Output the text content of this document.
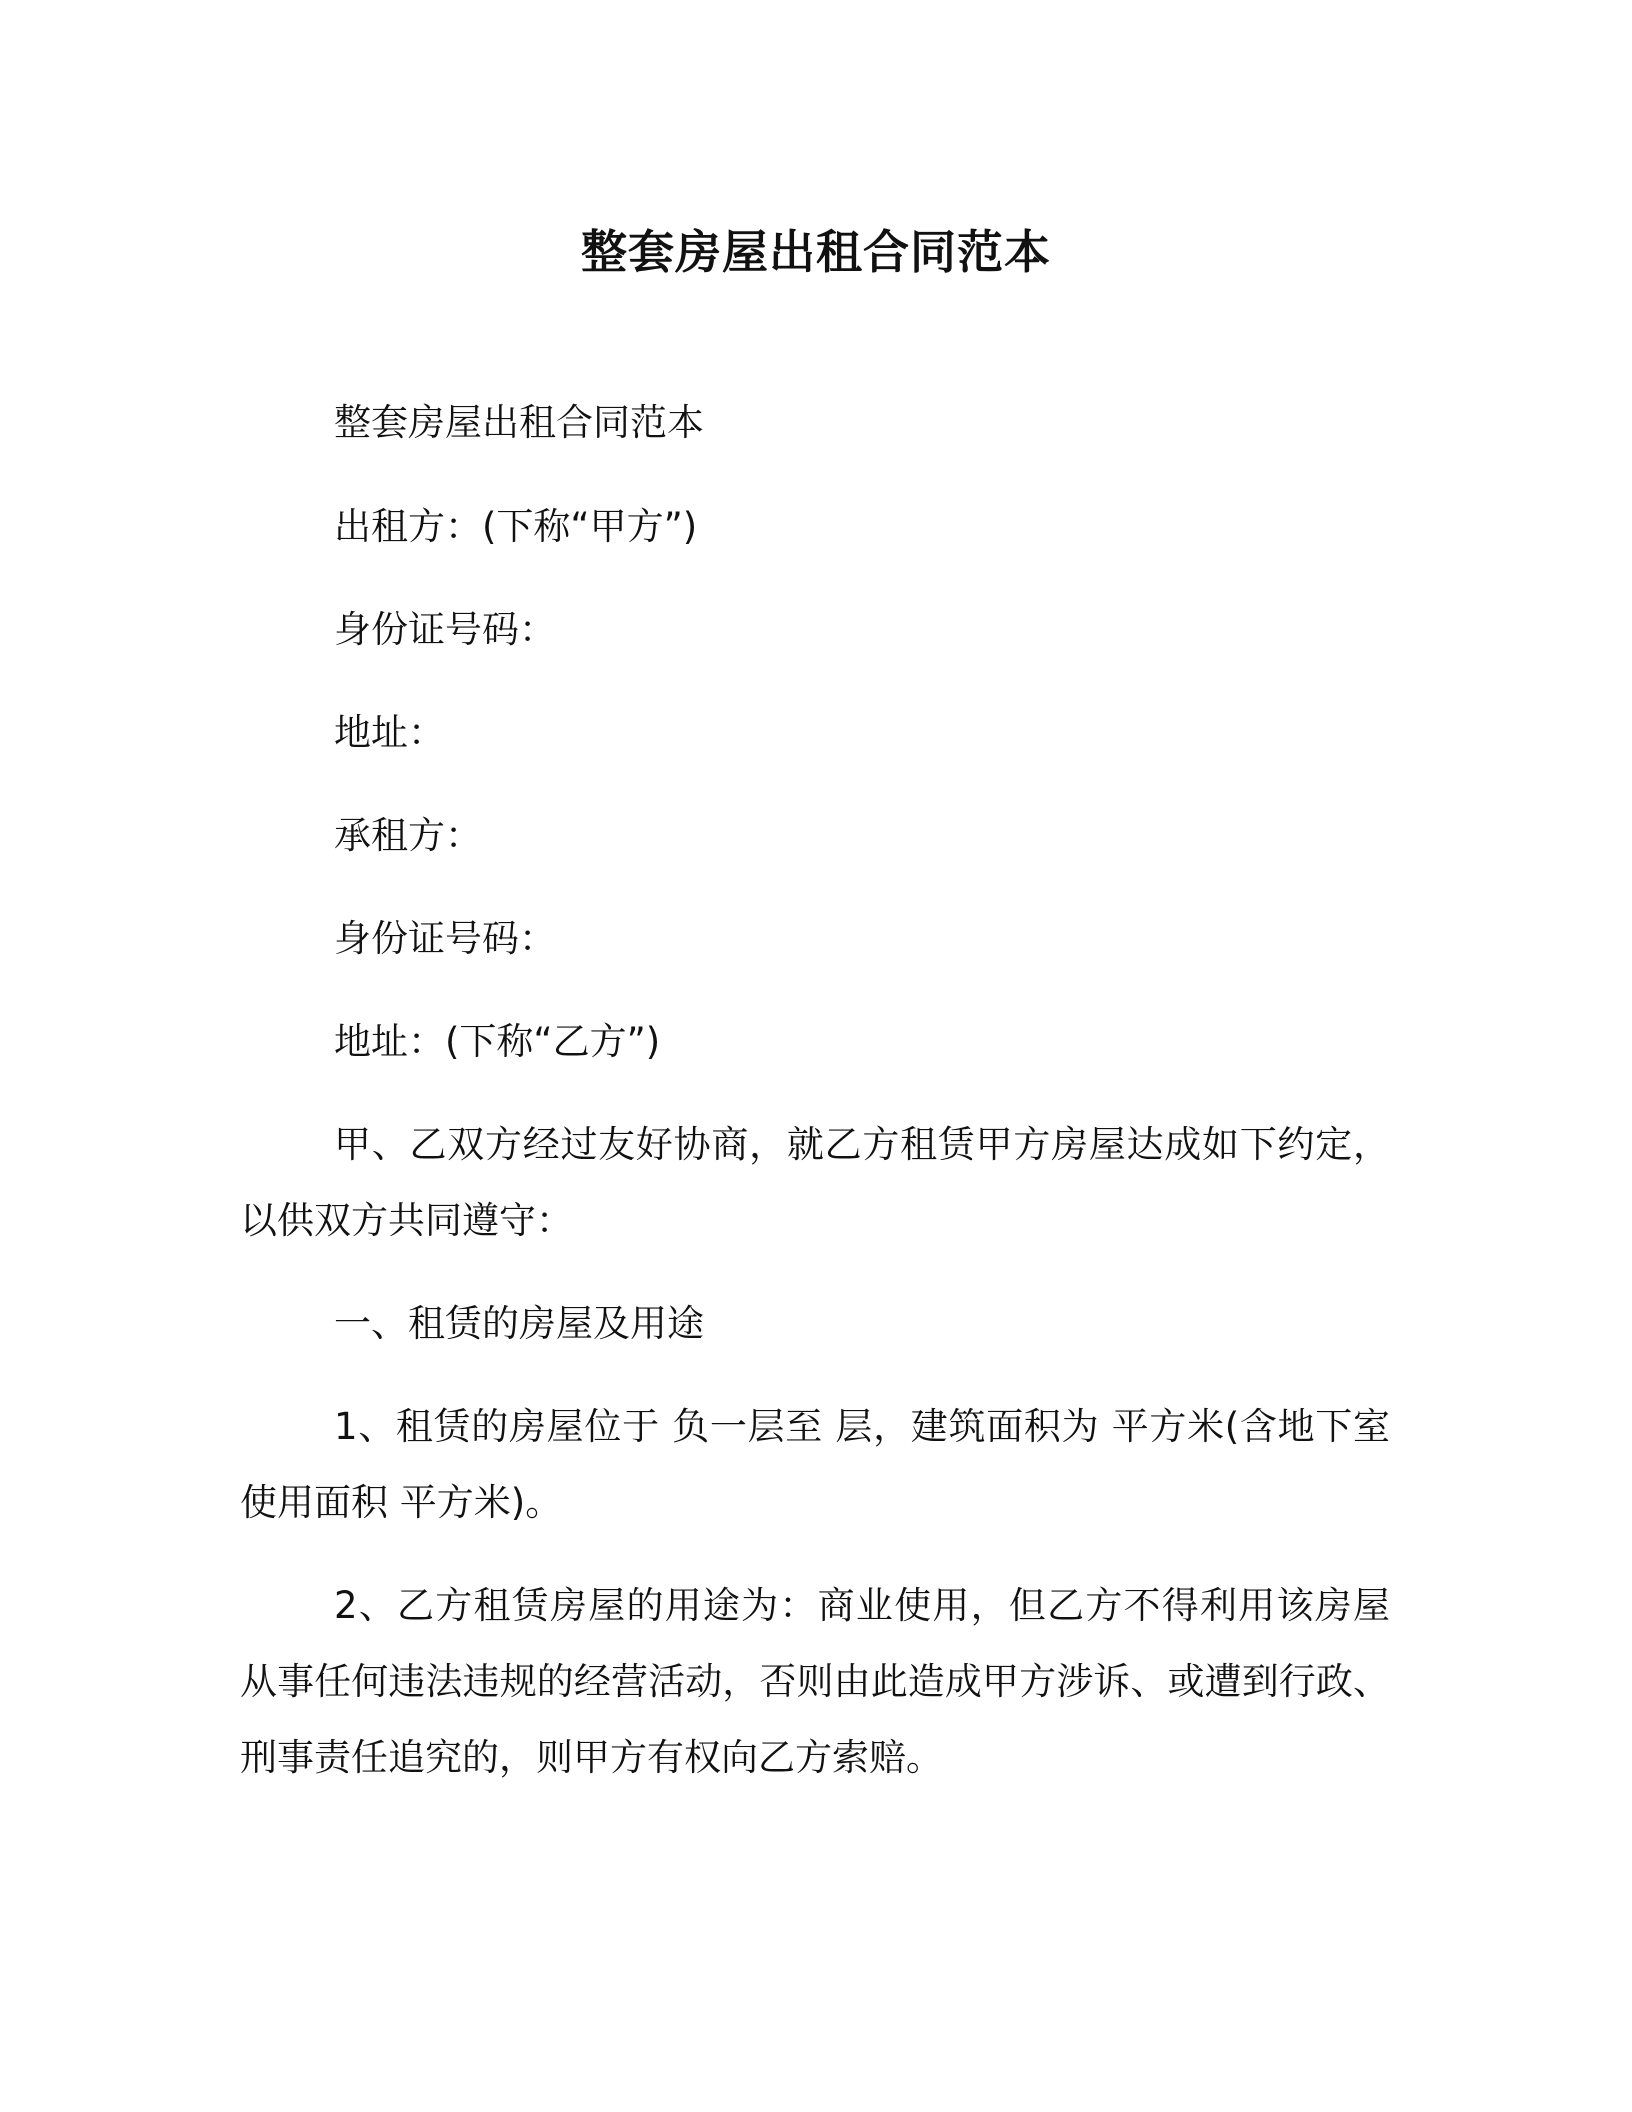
整套房屋出租合同范本
整套房屋出租合同范本
出租方：(下称“甲方”)
身份证号码：
地址：
承租方：
身份证号码：
地址：(下称“乙方”)
甲、乙双方经过友好协商，就乙方租赁甲方房屋达成如下约定，以供双方共同遵守：
一、租赁的房屋及用途
1、租赁的房屋位于 负一层至 层，建筑面积为 平方米(含地下室使用面积 平方米)。
2、乙方租赁房屋的用途为：商业使用，但乙方不得利用该房屋从事任何违法违规的经营活动，否则由此造成甲方涉诉、或遭到行政、刑事责任追究的，则甲方有权向乙方索赔。
